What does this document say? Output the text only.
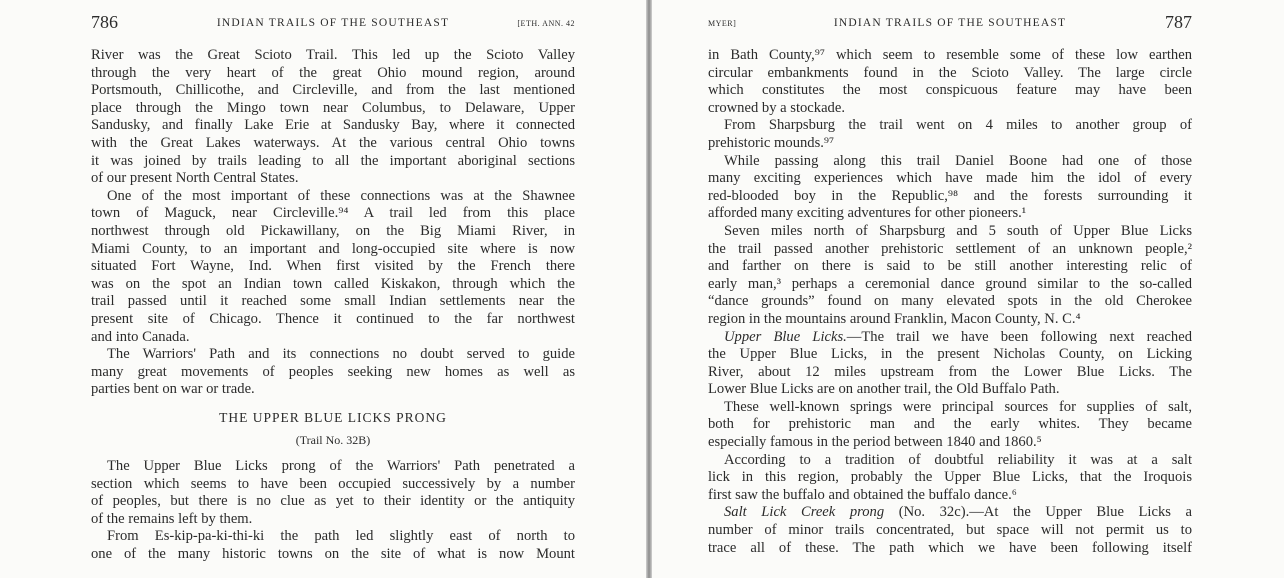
786	INDIAN TRAILS OF THE SOUTHEAST	[ETH. ANN. 42
River was the Great Scioto Trail. This led up the Scioto Valley
through the very heart of the great Ohio mound region, around
Portsmouth, Chillicothe, and Circleville, and from the last mentioned
place through the Mingo town near Columbus, to Delaware, Upper
Sandusky, and finally Lake Erie at Sandusky Bay, where it connected
with the Great Lakes waterways. At the various central Ohio towns
it was joined by trails leading to all the important aboriginal sections
of our present North Central States.
One of the most important of these connections was at the Shawnee
town of Maguck, near Circleville.⁹⁴ A trail led from this place
northwest through old Pickawillany, on the Big Miami River, in
Miami County, to an important and long-occupied site where is now
situated Fort Wayne, Ind. When first visited by the French there
was on the spot an Indian town called Kiskakon, through which the
trail passed until it reached some small Indian settlements near the
present site of Chicago. Thence it continued to the far northwest
and into Canada.
The Warriors' Path and its connections no doubt served to guide
many great movements of peoples seeking new homes as well as
parties bent on war or trade.
THE UPPER BLUE LICKS PRONG
(Trail No. 32B)
The Upper Blue Licks prong of the Warriors' Path penetrated a
section which seems to have been occupied successively by a number
of peoples, but there is no clue as yet to their identity or the antiquity
of the remains left by them.
From Es-kip-pa-ki-thi-ki the path led slightly east of north to
one of the many historic towns on the site of what is now Mount
MYER]	INDIAN TRAILS OF THE SOUTHEAST	787
in Bath County,⁹⁷ which seem to resemble some of these low earthen
circular embankments found in the Scioto Valley. The large circle
which constitutes the most conspicuous feature may have been
crowned by a stockade.
From Sharpsburg the trail went on 4 miles to another group of
prehistoric mounds.⁹⁷
While passing along this trail Daniel Boone had one of those
many exciting experiences which have made him the idol of every
red-blooded boy in the Republic,⁹⁸ and the forests surrounding it
afforded many exciting adventures for other pioneers.¹
Seven miles north of Sharpsburg and 5 south of Upper Blue Licks
the trail passed another prehistoric settlement of an unknown people,²
and farther on there is said to be still another interesting relic of
early man,³ perhaps a ceremonial dance ground similar to the so-called
“dance grounds” found on many elevated spots in the old Cherokee
region in the mountains around Franklin, Macon County, N. C.⁴
Upper Blue Licks.—The trail we have been following next reached
the Upper Blue Licks, in the present Nicholas County, on Licking
River, about 12 miles upstream from the Lower Blue Licks. The
Lower Blue Licks are on another trail, the Old Buffalo Path.
These well-known springs were principal sources for supplies of salt,
both for prehistoric man and the early whites. They became
especially famous in the period between 1840 and 1860.⁵
According to a tradition of doubtful reliability it was at a salt
lick in this region, probably the Upper Blue Licks, that the Iroquois
first saw the buffalo and obtained the buffalo dance.⁶
Salt Lick Creek prong (No. 32c).—At the Upper Blue Licks a
number of minor trails concentrated, but space will not permit us to
trace all of these. The path which we have been following itself
